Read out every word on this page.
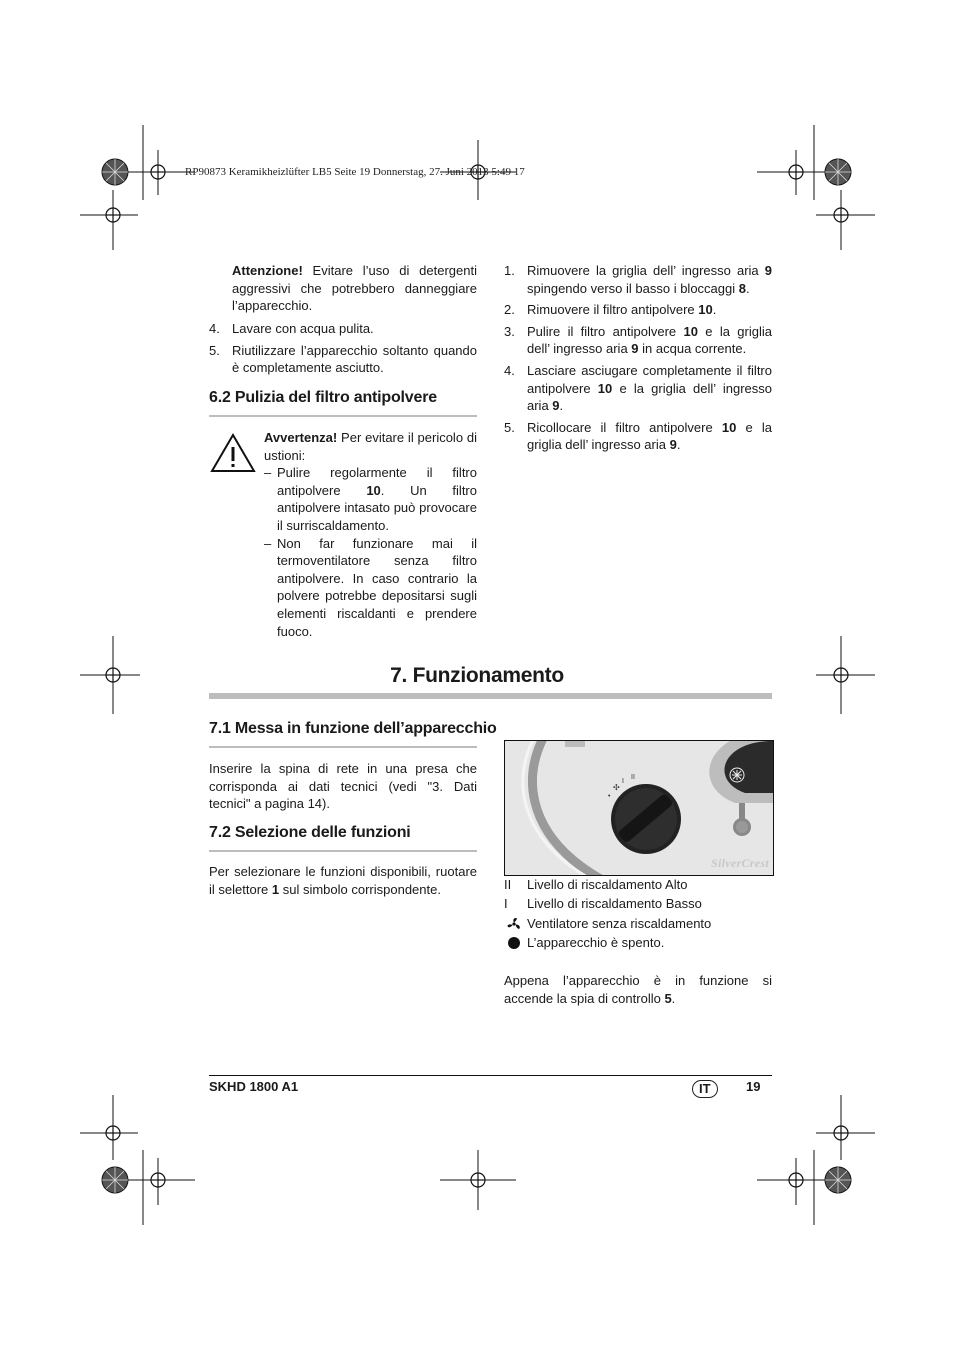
RP90873 Keramikheizlüfter LB5 Seite 19 Donnerstag, 27. Juni 2013 5:49 17
Attenzione! Evitare l’uso di detergenti aggressivi che potrebbero danneggiare l’apparecchio.
4. Lavare con acqua pulita.
5. Riutilizzare l’apparecchio soltanto quando è completamente asciutto.
6.2 Pulizia del filtro antipolvere
Avvertenza! Per evitare il pericolo di ustioni:
– Pulire regolarmente il filtro antipolvere 10. Un filtro antipolvere intasato può provocare il surriscaldamento.
– Non far funzionare mai il termoventilatore senza filtro antipolvere. In caso contrario la polvere potrebbe depositarsi sugli elementi riscaldanti e prendere fuoco.
1. Rimuovere la griglia dell’ ingresso aria 9 spingendo verso il basso i bloccaggi 8.
2. Rimuovere il filtro antipolvere 10.
3. Pulire il filtro antipolvere 10 e la griglia dell’ ingresso aria 9 in acqua corrente.
4. Lasciare asciugare completamente il filtro antipolvere 10 e la griglia dell’ ingresso aria 9.
5. Ricollocare il filtro antipolvere 10 e la griglia dell’ ingresso aria 9.
7. Funzionamento
7.1 Messa in funzione dell’apparecchio
Inserire la spina di rete in una presa che corrisponda ai dati tecnici (vedi "3. Dati tecnici" a pagina 14).
7.2 Selezione delle funzioni
Per selezionare le funzioni disponibili, ruotare il selettore 1 sul simbolo corrispondente.
•
✣
I
II
SilverCrest
II	Livello di riscaldamento Alto
I	Livello di riscaldamento Basso
Ventilatore senza riscaldamento
L’apparecchio è spento.
Appena l’apparecchio è in funzione si accende la spia di controllo 5.
SKHD 1800 A1	IT	19
